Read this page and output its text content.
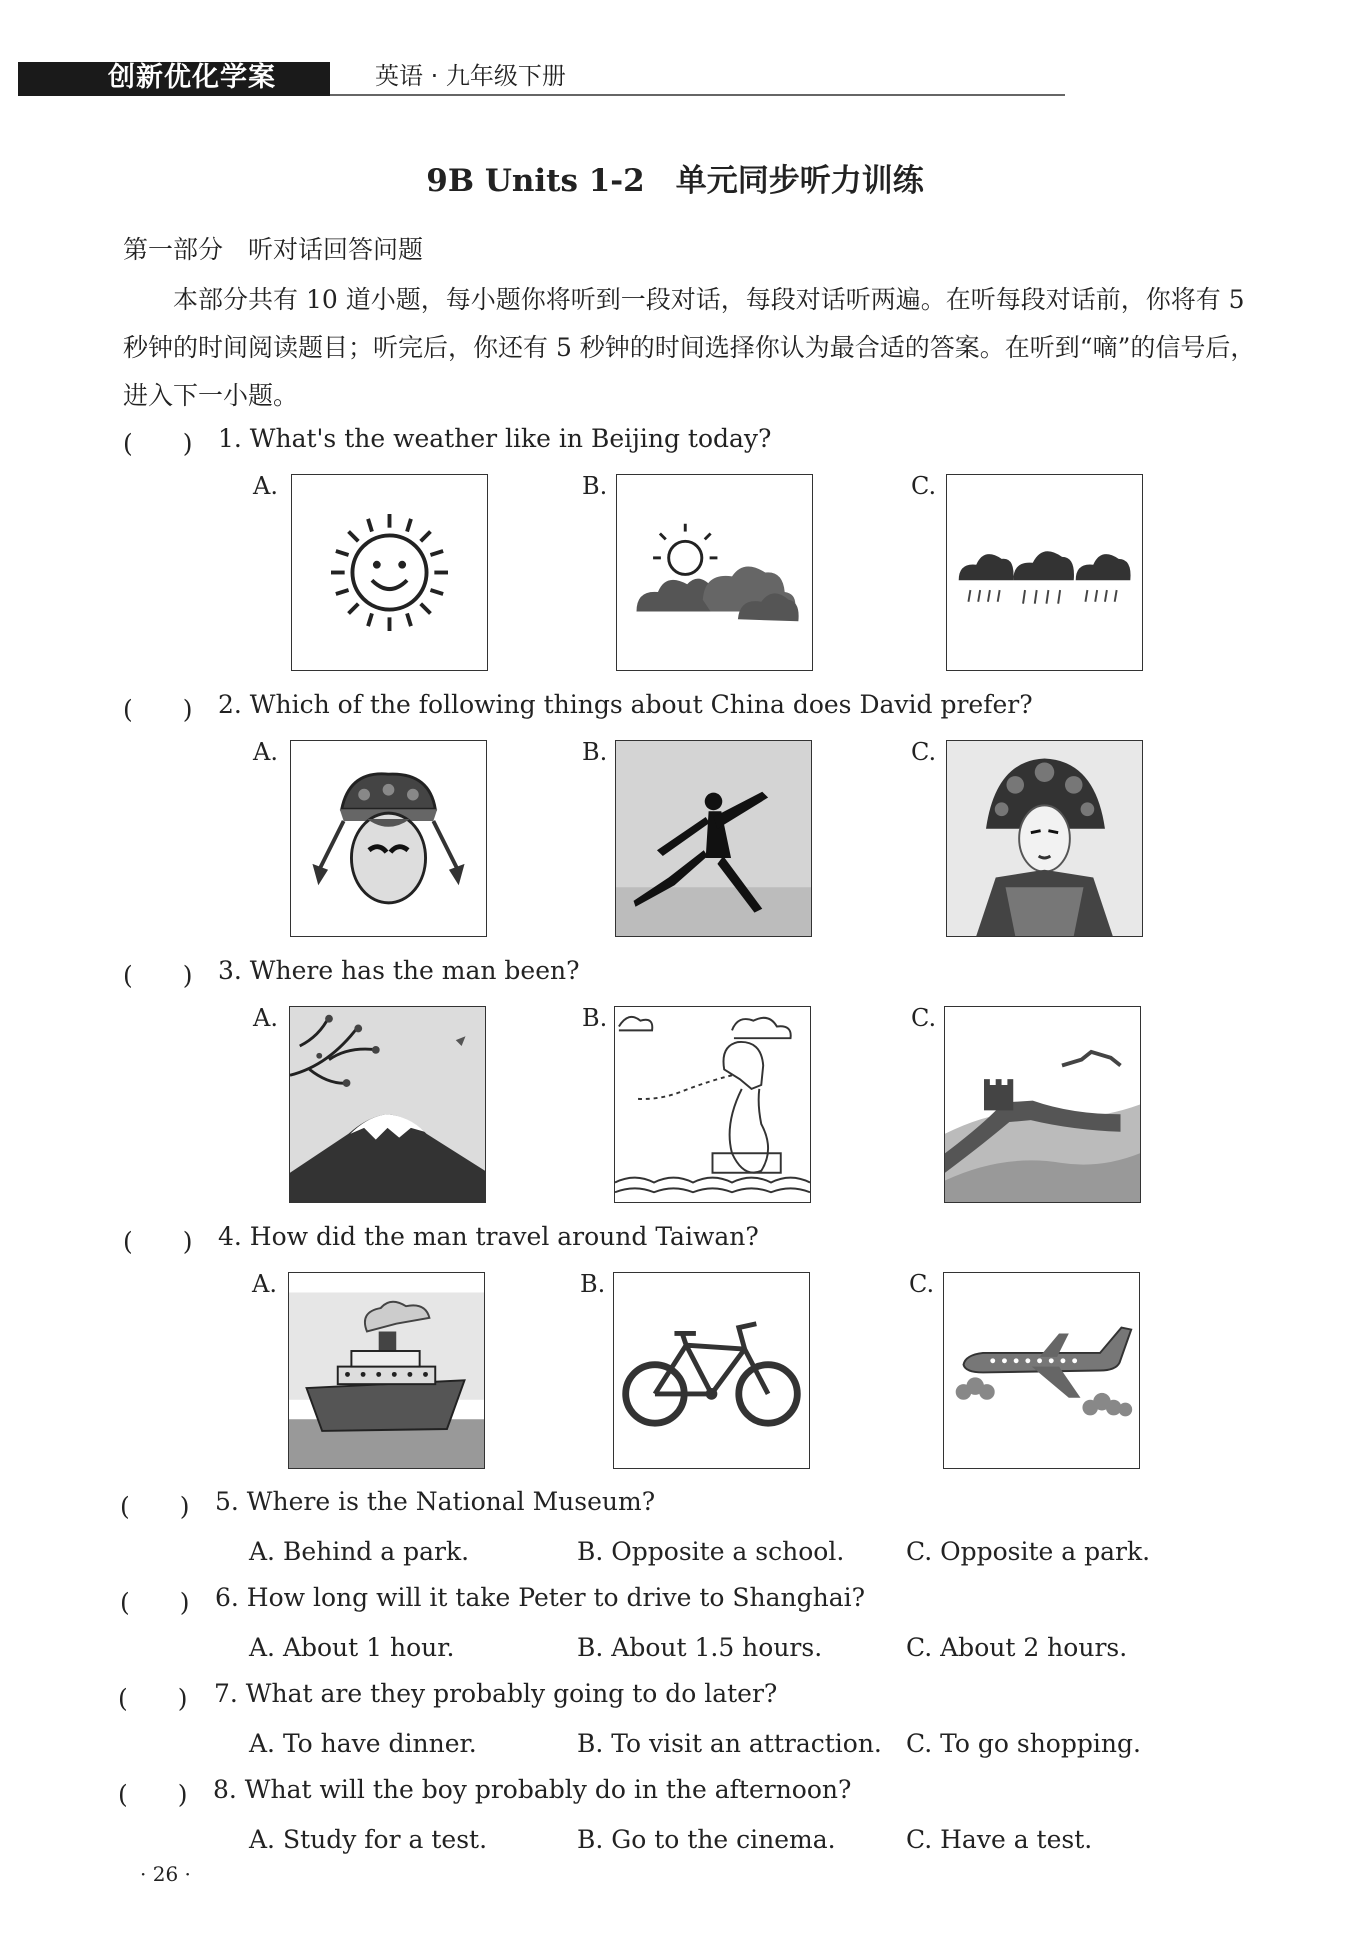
创新优化学案	英语 · 九年级下册
9B Units 1-2　单元同步听力训练
第一部分　听对话回答问题
本部分共有 10 道小题，每小题你将听到一段对话，每段对话听两遍。在听每段对话前，你将有 5 秒钟的时间阅读题目；听完后，你还有 5 秒钟的时间选择你认为最合适的答案。在听到“嘀”的信号后，进入下一小题。
(　　) 1. What's the weather like in Beijing today?
A.	B.	C.
(　　) 2. Which of the following things about China does David prefer?
A.	B.	C.
(　　) 3. Where has the man been?
A.	B.	C.
(　　) 4. How did the man travel around Taiwan?
A.	B.	C.
(　　) 5. Where is the National Museum?
A. Behind a park.	B. Opposite a school. C. Opposite a park.
(　　) 6. How long will it take Peter to drive to Shanghai?
A. About 1 hour.	B. About 1.5 hours.	C. About 2 hours.
(　　) 7. What are they probably going to do later?
A. To have dinner.	B. To visit an attraction. C. To go shopping.
(　　) 8. What will the boy probably do in the afternoon?
A. Study for a test.	B. Go to the cinema.	C. Have a test.
· 26 ·
